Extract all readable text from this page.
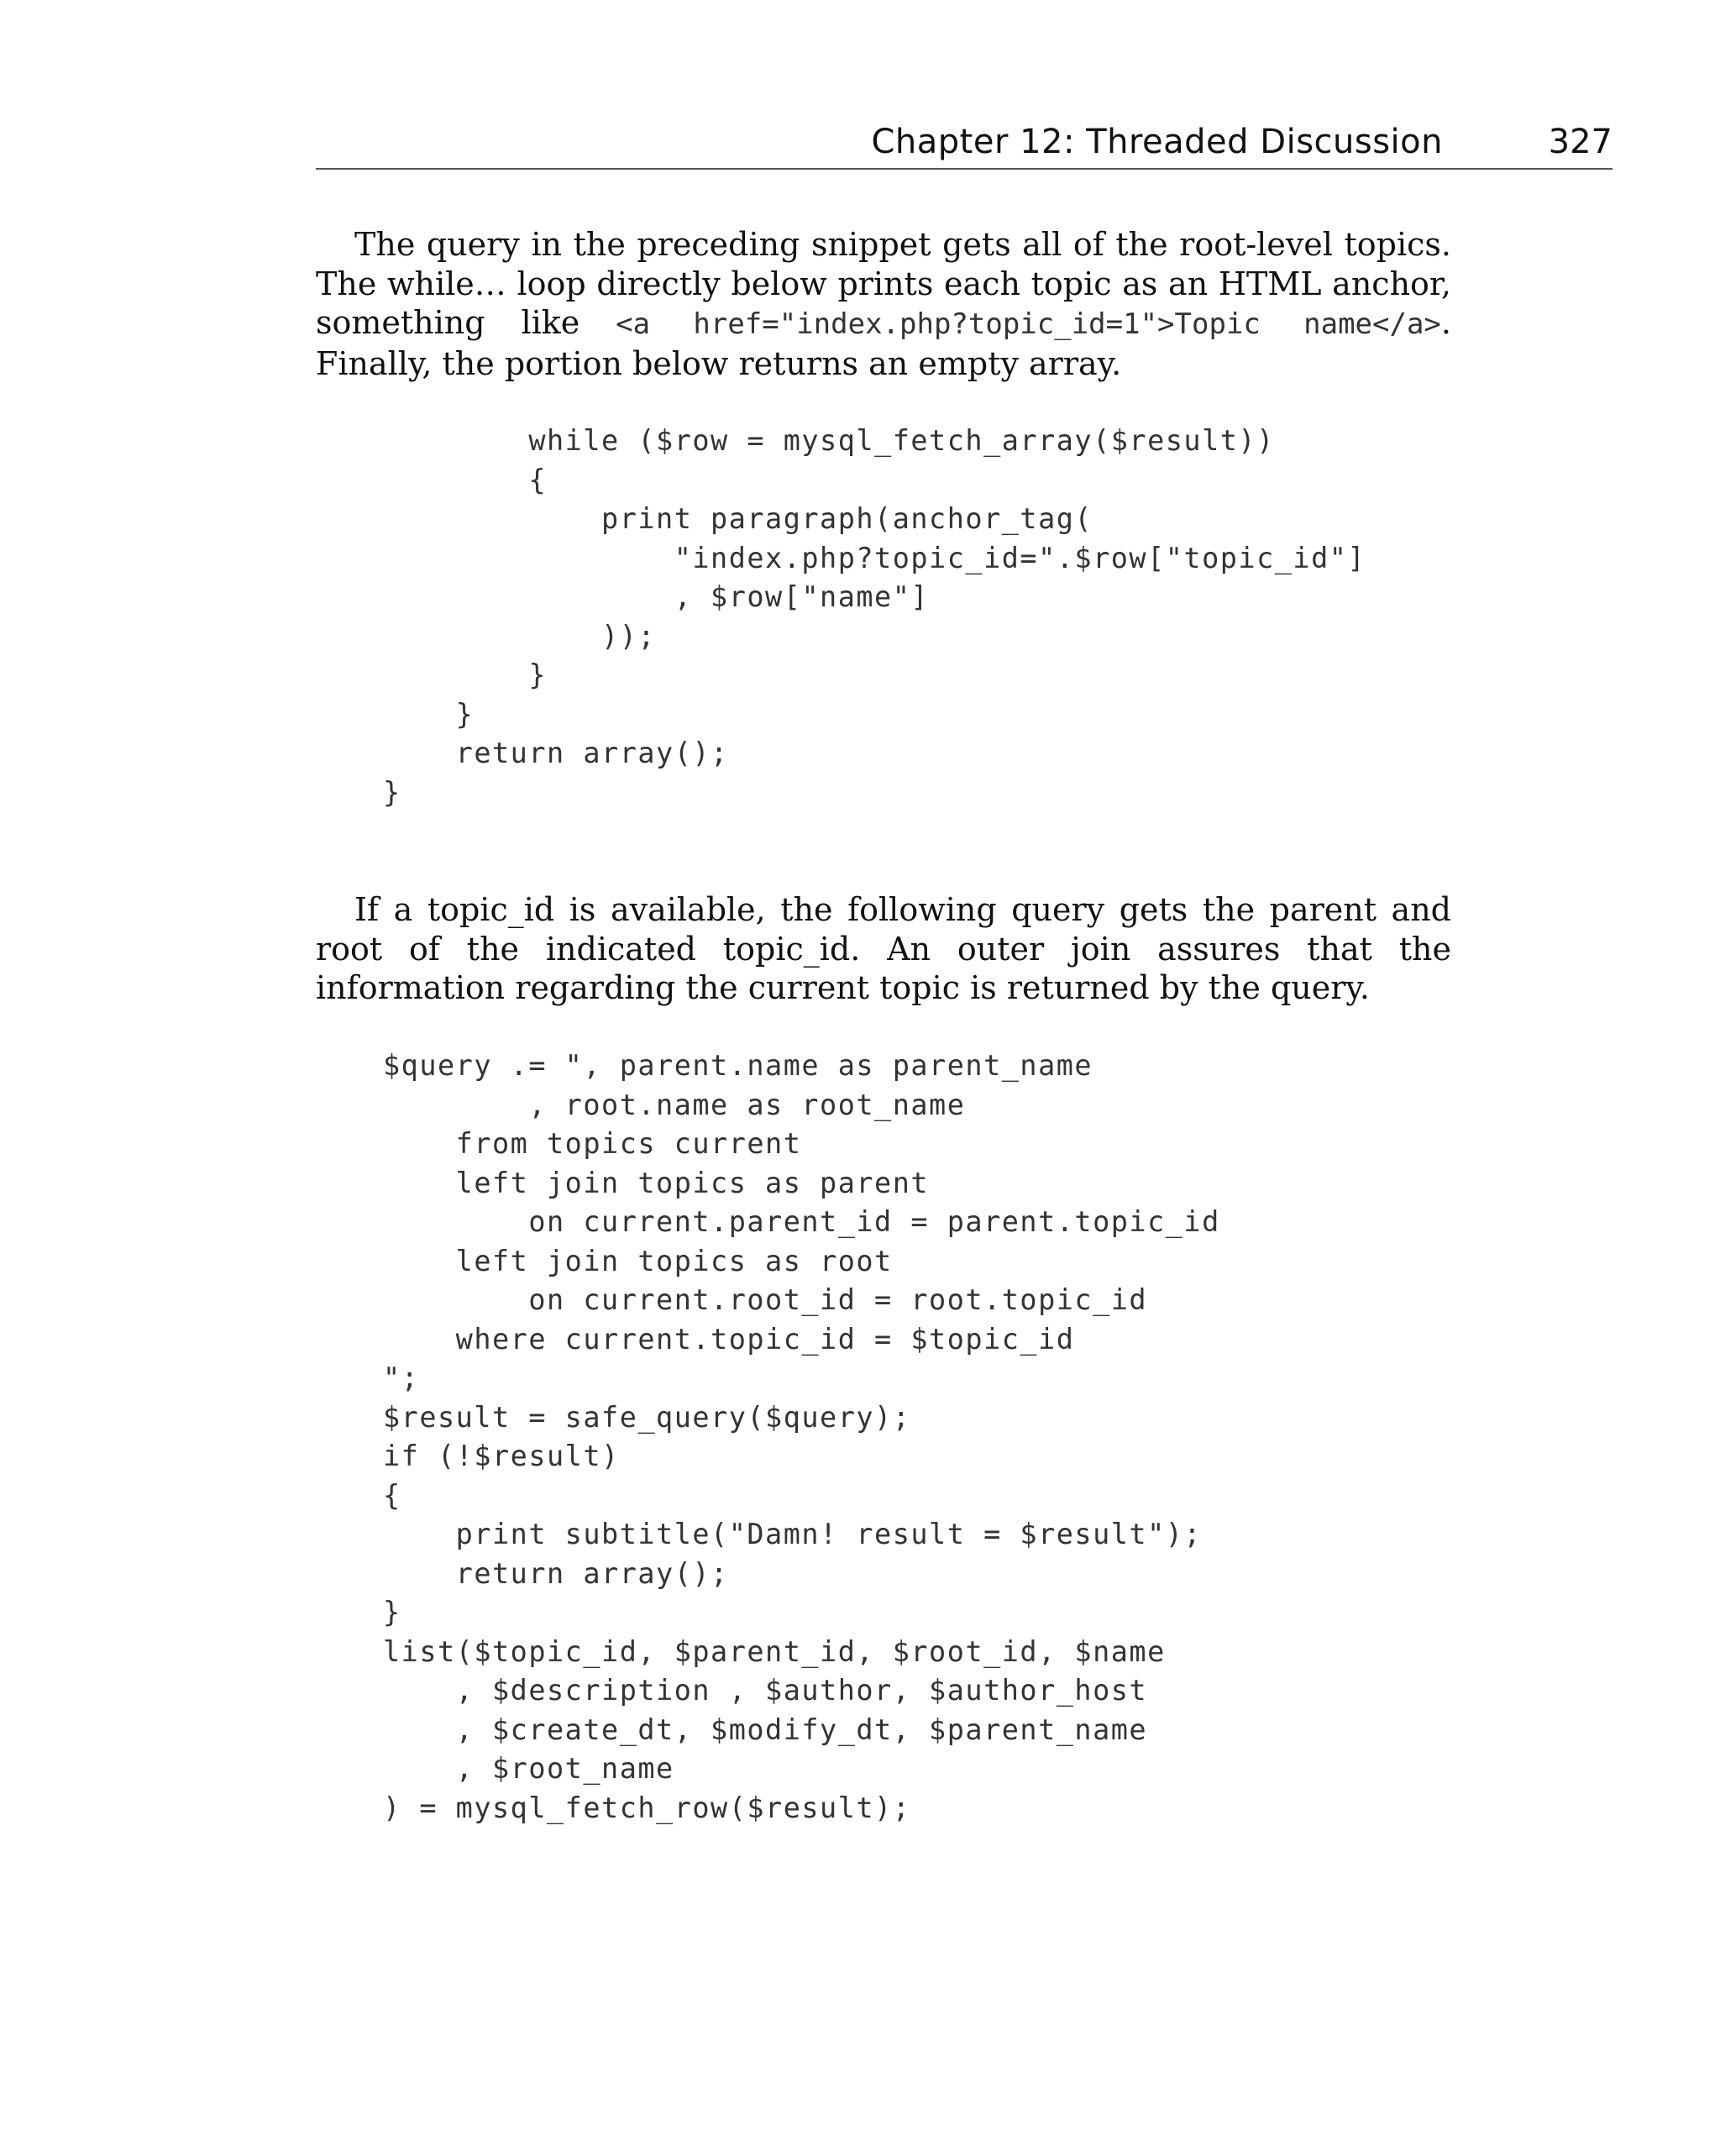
Chapter 12: Threaded Discussion	327

The query in the preceding snippet gets all of the root-level topics. The while… loop directly below prints each topic as an HTML anchor, something like <a href="index.php?topic_id=1">Topic name</a>. Finally, the portion below returns an empty array.

while ($row = mysql_fetch_array($result))
{
print paragraph(anchor_tag(
"index.php?topic_id=".$row["topic_id"]
, $row["name"]
));
}
}
return array();
}

If a topic_id is available, the following query gets the parent and root of the indicated topic_id. An outer join assures that the information regarding the current topic is returned by the query.

$query .= ", parent.name as parent_name
, root.name as root_name
from topics current
left join topics as parent
on current.parent_id = parent.topic_id
left join topics as root
on current.root_id = root.topic_id
where current.topic_id = $topic_id
";
$result = safe_query($query);
if (!$result)
{
print subtitle("Damn! result = $result");
return array();
}
list($topic_id, $parent_id, $root_id, $name
, $description , $author, $author_host
, $create_dt, $modify_dt, $parent_name
, $root_name
) = mysql_fetch_row($result);
